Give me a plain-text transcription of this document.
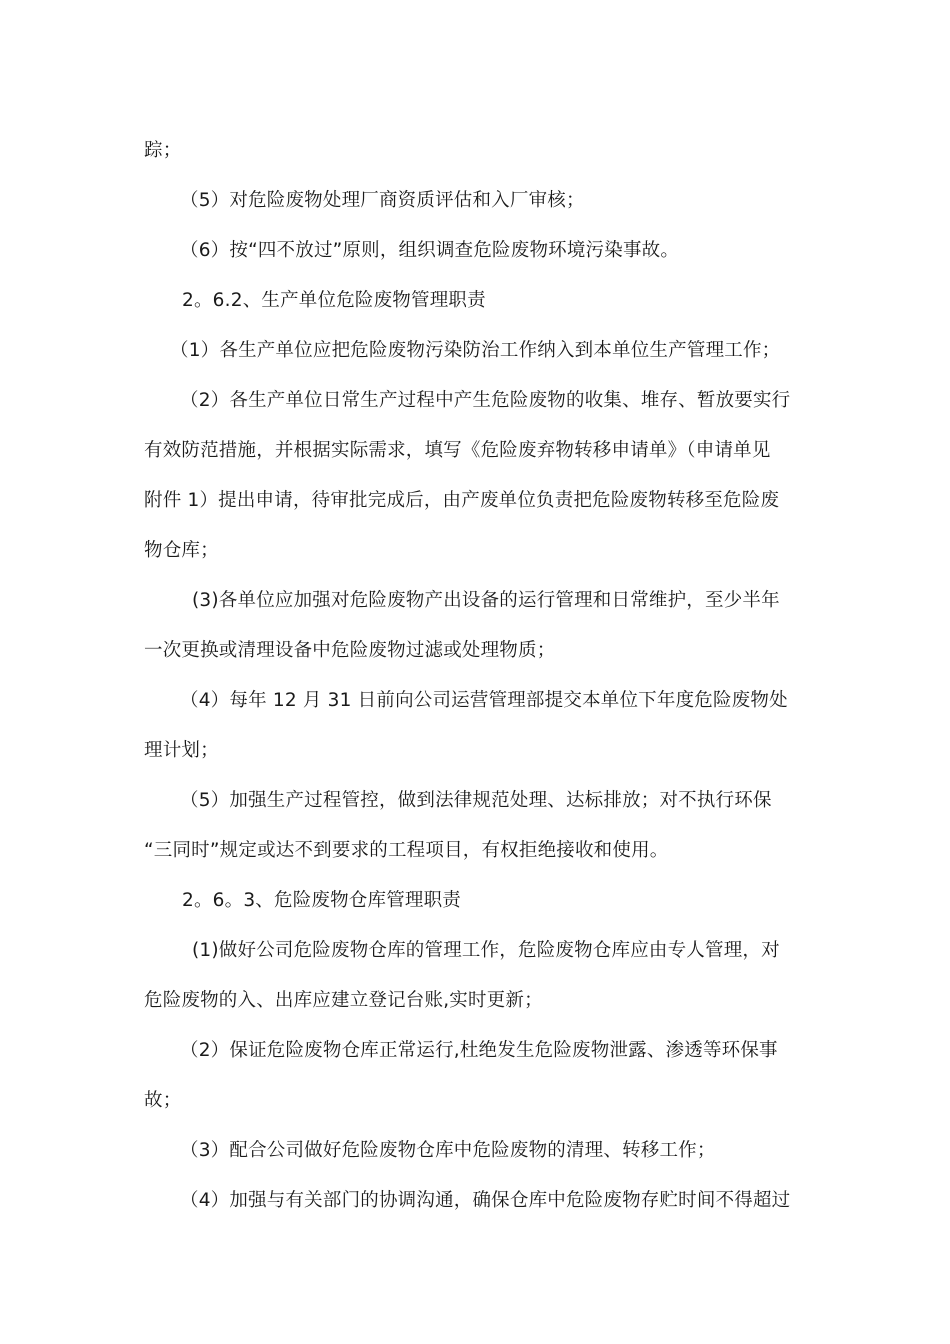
踪；
（5）对危险废物处理厂商资质评估和入厂审核；
（6）按“四不放过”原则，组织调查危险废物环境污染事故。
2。6.2、生产单位危险废物管理职责
（1）各生产单位应把危险废物污染防治工作纳入到本单位生产管理工作；
（2）各生产单位日常生产过程中产生危险废物的收集、堆存、暂放要实行
有效防范措施，并根据实际需求，填写《危险废弃物转移申请单》（申请单见
附件 1）提出申请，待审批完成后，由产废单位负责把危险废物转移至危险废
物仓库；
(3)各单位应加强对危险废物产出设备的运行管理和日常维护，至少半年
一次更换或清理设备中危险废物过滤或处理物质；
（4）每年 12 月 31 日前向公司运营管理部提交本单位下年度危险废物处
理计划；
（5）加强生产过程管控，做到法律规范处理、达标排放；对不执行环保
“三同时”规定或达不到要求的工程项目，有权拒绝接收和使用。
2。6。3、危险废物仓库管理职责
(1)做好公司危险废物仓库的管理工作，危险废物仓库应由专人管理，对
危险废物的入、出库应建立登记台账,实时更新；
（2）保证危险废物仓库正常运行,杜绝发生危险废物泄露、渗透等环保事
故；
（3）配合公司做好危险废物仓库中危险废物的清理、转移工作；
（4）加强与有关部门的协调沟通，确保仓库中危险废物存贮时间不得超过
